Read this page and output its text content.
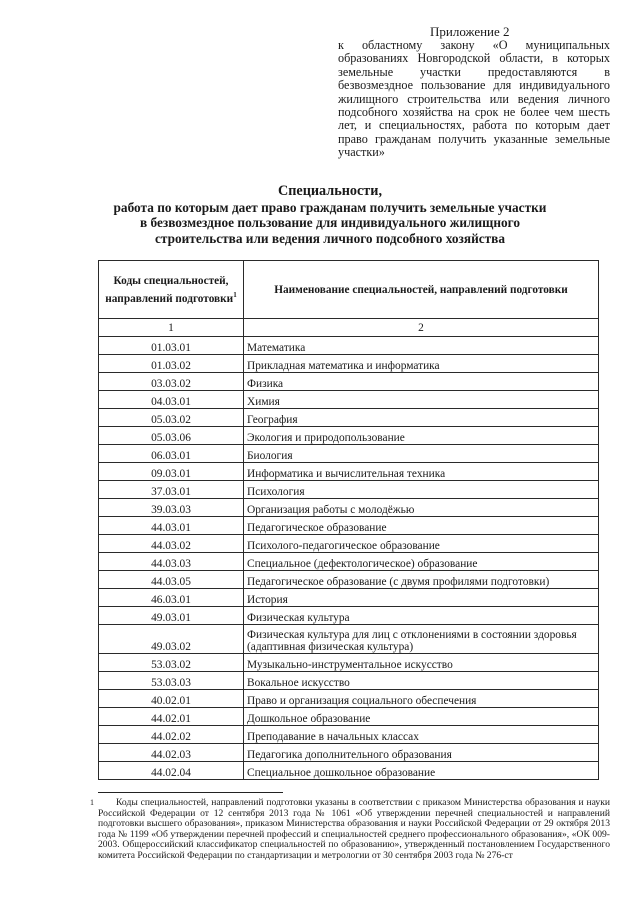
Приложение 2
к областному закону «О муниципальных образованиях Новгородской области, в которых земельные участки предоставляются в безвозмездное пользование для индивидуального жилищного строительства или ведения личного подсобного хозяйства на срок не более чем шесть лет, и специальностях, работа по которым дает право гражданам получить указанные земельные участки»
Специальности,
работа по которым дает право гражданам получить земельные участки
в безвозмездное пользование для индивидуального жилищного
строительства или ведения личного подсобного хозяйства
Коды специальностей, направлений подготовки$^1$	Наименование специальностей, направлений подготовки
1	2
01.03.01	Математика
01.03.02	Прикладная математика и информатика
03.03.02	Физика
04.03.01	Химия
05.03.02	География
05.03.06	Экология и природопользование
06.03.01	Биология
09.03.01	Информатика и вычислительная техника
37.03.01	Психология
39.03.03	Организация работы с молодёжью
44.03.01	Педагогическое образование
44.03.02	Психолого-педагогическое образование
44.03.03	Специальное (дефектологическое) образование
44.03.05	Педагогическое образование (с двумя профилями подготовки)
46.03.01	История
49.03.01	Физическая культура
49.03.02	Физическая культура для лиц с отклонениями в состоянии здоровья (адаптивная физическая культура)
53.03.02	Музыкально-инструментальное искусство
53.03.03	Вокальное искусство
40.02.01	Право и организация социального обеспечения
44.02.01	Дошкольное образование
44.02.02	Преподавание в начальных классах
44.02.03	Педагогика дополнительного образования
44.02.04	Специальное дошкольное образование
1	Коды специальностей, направлений подготовки указаны в соответствии с приказом Министерства образования и науки Российской Федерации от 12 сентября 2013 года № 1061 «Об утверждении перечней специальностей и направлений подготовки высшего образования», приказом Министерства образования и науки Российской Федерации от 29 октября 2013 года № 1199 «Об утверждении перечней профессий и специальностей среднего профессионального образования», «ОК 009-2003. Общероссийский классификатор специальностей по образованию», утвержденный постановлением Государственного комитета Российской Федерации по стандартизации и метрологии от 30 сентября 2003 года № 276-ст
